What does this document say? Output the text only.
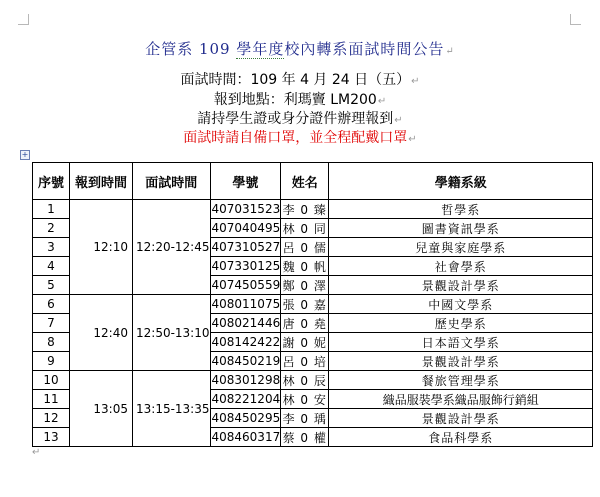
企管系 109 學年度校內轉系面試時間公告↵
面試時間：109 年 4 月 24 日（五）↵
報到地點：利瑪竇 LM200↵
請持學生證或身分證件辦理報到↵
面試時請自備口罩，並全程配戴口罩↵
+
序號	報到時間	面試時間	學號	姓名	學籍系級
1	12:10	12:20-12:45	407031523	李 0 臻	哲學系
2			407040495	林 0 同	圖書資訊學系
3			407310527	呂 0 儒	兒童與家庭學系
4			407330125	魏 0 帆	社會學系
5			407450559	鄭 0 澤	景觀設計學系
6	12:40	12:50-13:10	408011075	張 0 嘉	中國文學系
7			408021446	唐 0 堯	歷史學系
8			408142422	謝 0 妮	日本語文學系
9			408450219	呂 0 培	景觀設計學系
10	13:05	13:15-13:35	408301298	林 0 辰	餐旅管理學系
11			408221204	林 0 安	織品服裝學系織品服飾行銷組
12			408450295	李 0 瑀	景觀設計學系
13			408460317	蔡 0 權	食品科學系
↵
